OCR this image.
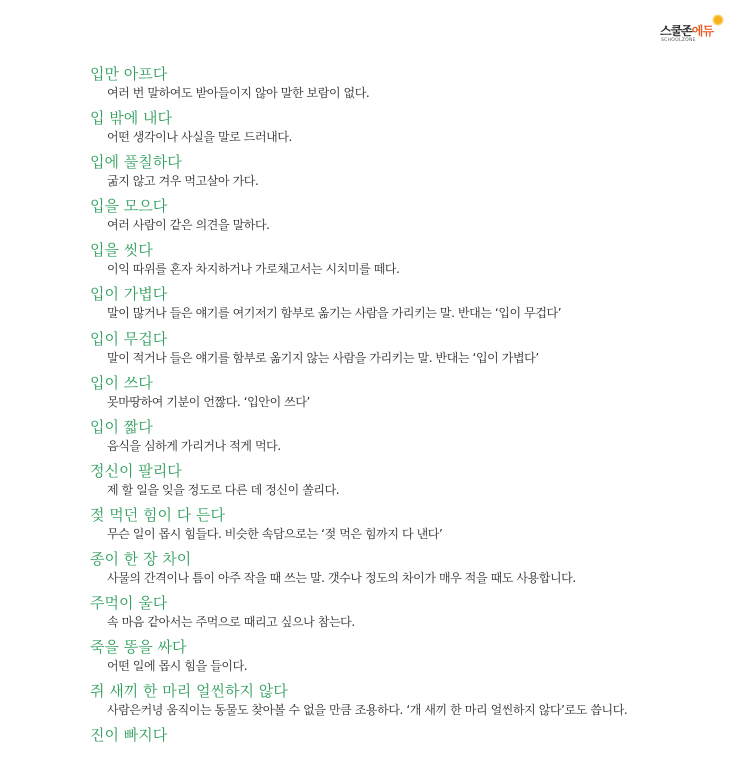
스쿨존에듀
SCHOOLZONE
입만 아프다
여러 번 말하여도 받아들이지 않아 말한 보람이 없다.
입 밖에 내다
어떤 생각이나 사실을 말로 드러내다.
입에 풀칠하다
굶지 않고 겨우 먹고살아 가다.
입을 모으다
여러 사람이 같은 의견을 말하다.
입을 씻다
이익 따위를 혼자 차지하거나 가로채고서는 시치미를 떼다.
입이 가볍다
말이 많거나 들은 얘기를 여기저기 함부로 옮기는 사람을 가리키는 말. 반대는 ‘입이 무겁다’
입이 무겁다
말이 적거나 들은 얘기를 함부로 옮기지 않는 사람을 가리키는 말. 반대는 ‘입이 가볍다’
입이 쓰다
못마땅하여 기분이 언짢다. ‘입안이 쓰다’
입이 짧다
음식을 심하게 가리거나 적게 먹다.
정신이 팔리다
제 할 일을 잊을 정도로 다른 데 정신이 쏠리다.
젖 먹던 힘이 다 든다
무슨 일이 몹시 힘들다. 비슷한 속담으로는 ‘젖 먹은 힘까지 다 낸다’
종이 한 장 차이
사물의 간격이나 틈이 아주 작을 때 쓰는 말. 갯수나 정도의 차이가 매우 적을 때도 사용합니다.
주먹이 울다
속 마음 같아서는 주먹으로 때리고 싶으나 참는다.
죽을 똥을 싸다
어떤 일에 몹시 힘을 들이다.
쥐 새끼 한 마리 얼씬하지 않다
사람은커녕 움직이는 동물도 찾아볼 수 없을 만큼 조용하다. ‘개 새끼 한 마리 얼씬하지 않다’로도 씁니다.
진이 빠지다
